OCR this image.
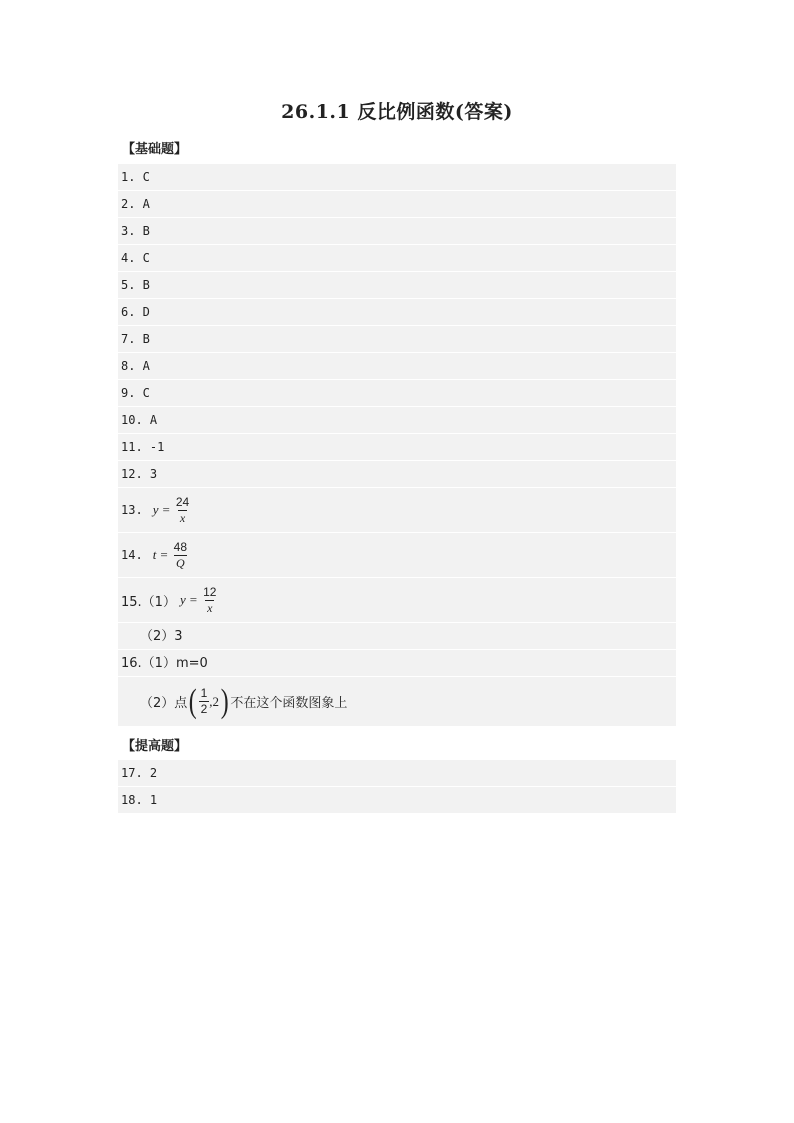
26.1.1 反比例函数(答案)
【基础题】
1. C
2. A
3. B
4. C
5. B
6. D
7. B
8. A
9. C
10. A
11. -1
12. 3
13. $y = \frac{24}{x}$
14. $t = \frac{48}{Q}$
15.（1） $y = \frac{12}{x}$
（2）3
16.（1）m=0
（2）点 ( $\frac{1}{2} ,2$ ) 不在这个函数图象上
【提高题】
17. 2
18. 1
